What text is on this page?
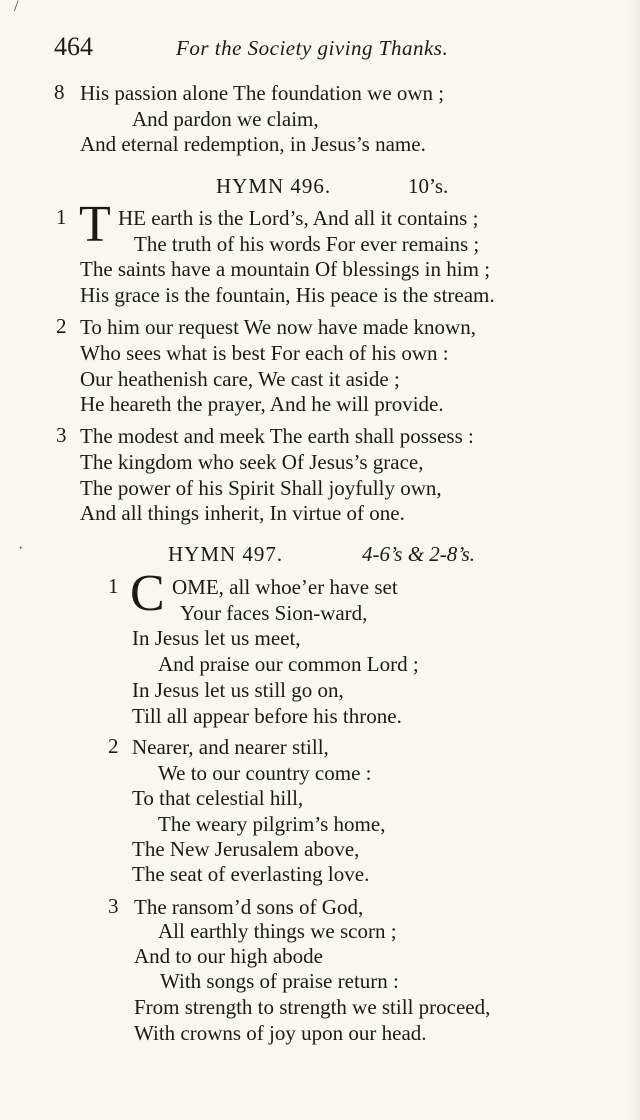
/
·
464	For the Society giving Thanks.
8 His passion alone The foundation we own ;
And pardon we claim,
And eternal redemption, in Jesus’s name.
HYMN 496.	10’s.
1 T HE earth is the Lord’s, And all it contains ;
The truth of his words For ever remains ;
The saints have a mountain Of blessings in him ;
His grace is the fountain, His peace is the stream.
2 To him our request We now have made known,
Who sees what is best For each of his own :
Our heathenish care, We cast it aside ;
He heareth the prayer, And he will provide.
3 The modest and meek The earth shall possess :
The kingdom who seek Of Jesus’s grace,
The power of his Spirit Shall joyfully own,
And all things inherit, In virtue of one.
HYMN 497.	4-6’s & 2-8’s.
1 C OME, all whoe’er have set
Your faces Sion-ward,
In Jesus let us meet,
And praise our common Lord ;
In Jesus let us still go on,
Till all appear before his throne.
2 Nearer, and nearer still,
We to our country come :
To that celestial hill,
The weary pilgrim’s home,
The New Jerusalem above,
The seat of everlasting love.
3 The ransom’d sons of God,
All earthly things we scorn ;
And to our high abode
With songs of praise return :
From strength to strength we still proceed,
With crowns of joy upon our head.
